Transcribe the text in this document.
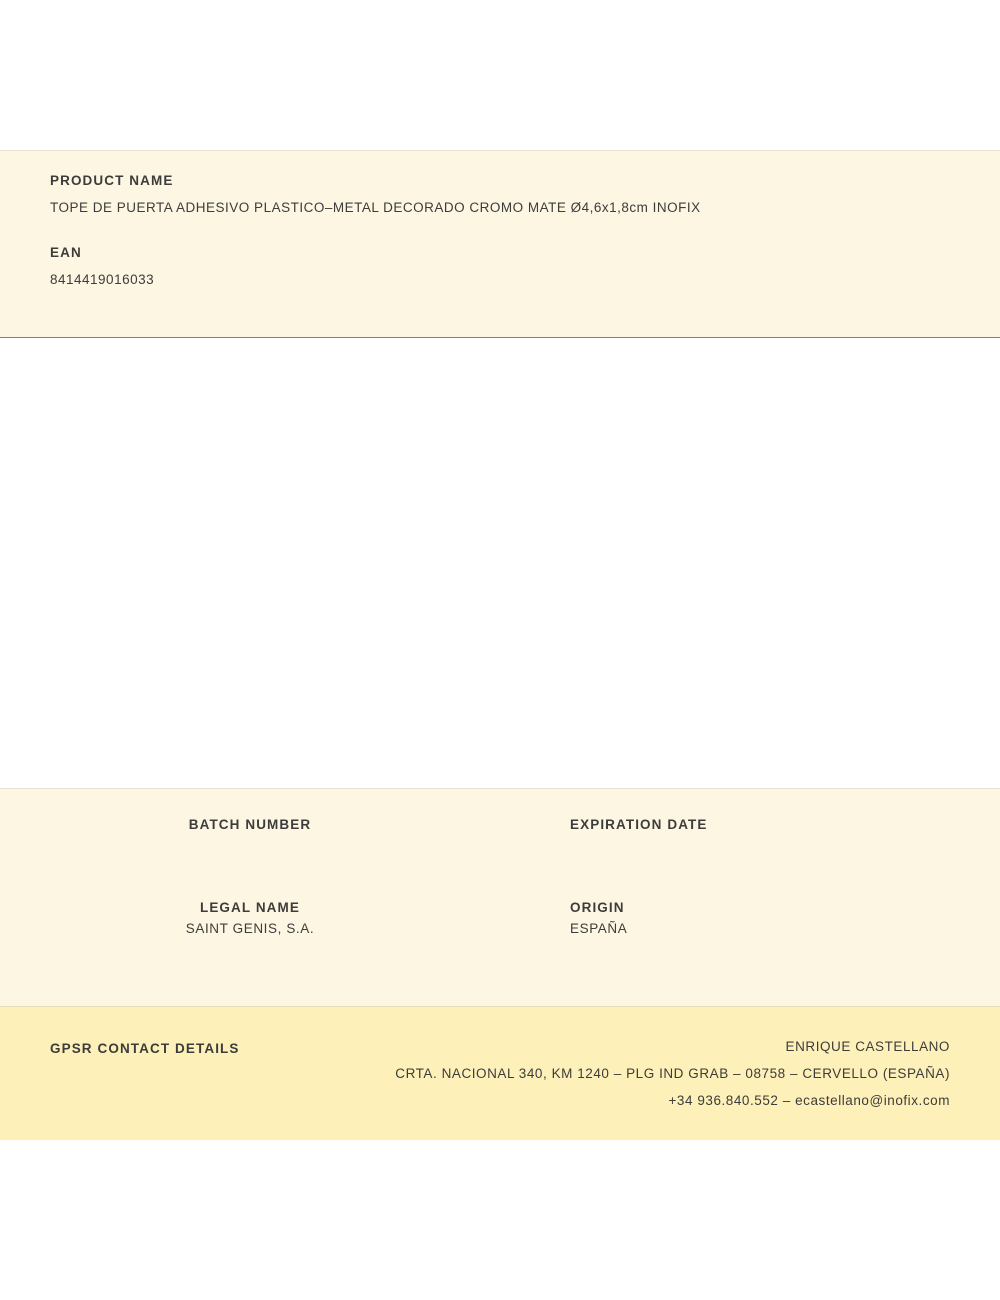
PRODUCT NAME

TOPE DE PUERTA ADHESIVO PLASTICO–METAL DECORADO CROMO MATE Ø4,6x1,8cm INOFIX

EAN

8414419016033

BATCH NUMBER	EXPIRATION DATE

LEGAL NAME

SAINT GENIS, S.A.

ORIGIN

ESPAÑA

GPSR CONTACT DETAILS	ENRIQUE CASTELLANO
CRTA. NACIONAL 340, KM 1240 – PLG IND GRAB – 08758 – CERVELLO (ESPAÑA)
+34 936.840.552 – ecastellano@inofix.com
